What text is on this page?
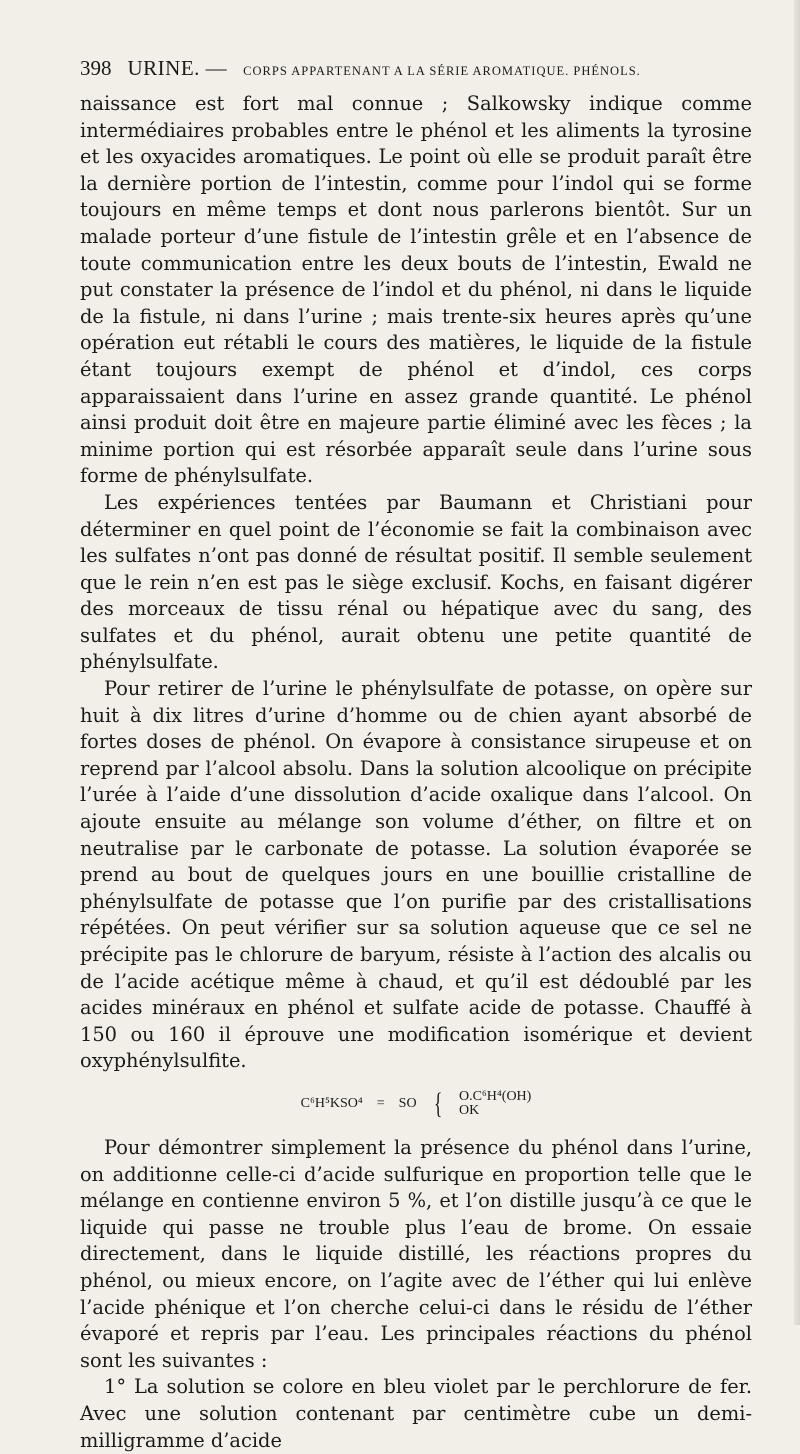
398 URINE. — CORPS APPARTENANT A LA SÉRIE AROMATIQUE. PHÉNOLS.

naissance est fort mal connue ; Salkowsky indique comme intermédiaires probables entre le phénol et les aliments la tyrosine et les oxyacides aromatiques. Le point où elle se produit paraît être la dernière portion de l’intestin, comme pour l’indol qui se forme toujours en même temps et dont nous parlerons bientôt. Sur un malade porteur d’une fistule de l’intestin grêle et en l’absence de toute communication entre les deux bouts de l’intestin, Ewald ne put constater la présence de l’indol et du phénol, ni dans le liquide de la fistule, ni dans l’urine ; mais trente-six heures après qu’une opération eut rétabli le cours des matières, le liquide de la fistule étant toujours exempt de phénol et d’indol, ces corps apparaissaient dans l’urine en assez grande quantité. Le phénol ainsi produit doit être en majeure partie éliminé avec les fèces ; la minime portion qui est résorbée apparaît seule dans l’urine sous forme de phénylsulfate.

Les expériences tentées par Baumann et Christiani pour déterminer en quel point de l’économie se fait la combinaison avec les sulfates n’ont pas donné de résultat positif. Il semble seulement que le rein n’en est pas le siège exclusif. Kochs, en faisant digérer des morceaux de tissu rénal ou hépatique avec du sang, des sulfates et du phénol, aurait obtenu une petite quantité de phénylsulfate.

Pour retirer de l’urine le phénylsulfate de potasse, on opère sur huit à dix litres d’urine d’homme ou de chien ayant absorbé de fortes doses de phénol. On évapore à consistance sirupeuse et on reprend par l’alcool absolu. Dans la solution alcoolique on précipite l’urée à l’aide d’une dissolution d’acide oxalique dans l’alcool. On ajoute ensuite au mélange son volume d’éther, on filtre et on neutralise par le carbonate de potasse. La solution évaporée se prend au bout de quelques jours en une bouillie cristalline de phénylsulfate de potasse que l’on purifie par des cristallisations répétées. On peut vérifier sur sa solution aqueuse que ce sel ne précipite pas le chlorure de baryum, résiste à l’action des alcalis ou de l’acide acétique même à chaud, et qu’il est dédoublé par les acides minéraux en phénol et sulfate acide de potasse. Chauffé à 150 ou 160 il éprouve une modification isomérique et devient oxyphénylsulfite.

C⁶H⁵KSO⁴ = SO { O.C⁶H⁴(OH)
OK

Pour démontrer simplement la présence du phénol dans l’urine, on additionne celle-ci d’acide sulfurique en proportion telle que le mélange en contienne environ 5 %, et l’on distille jusqu’à ce que le liquide qui passe ne trouble plus l’eau de brome. On essaie directement, dans le liquide distillé, les réactions propres du phénol, ou mieux encore, on l’agite avec de l’éther qui lui enlève l’acide phénique et l’on cherche celui-ci dans le résidu de l’éther évaporé et repris par l’eau. Les principales réactions du phénol sont les suivantes :

1° La solution se colore en bleu violet par le perchlorure de fer. Avec une solution contenant par centimètre cube un demi-milligramme d’acide
